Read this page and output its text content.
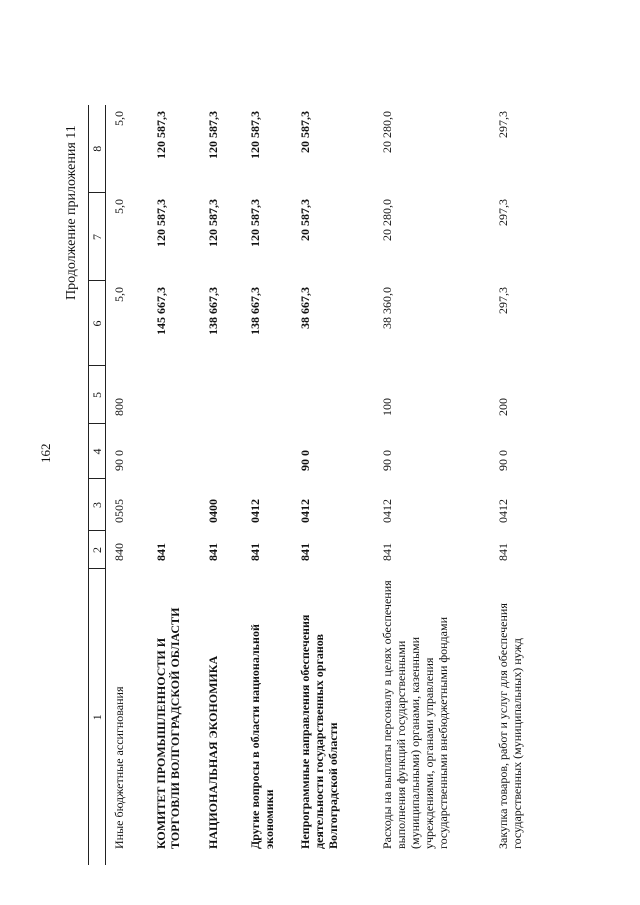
162
Продолжение приложения 11
1	2	3	4	5	6	7	8
Иные бюджетные ассигнования	840	0505	90 0	800	5,0	5,0	5,0
КОМИТЕТ ПРОМЫШЛЕННОСТИ И ТОРГОВЛИ ВОЛГОГРАДСКОЙ ОБЛАСТИ	841				145 667,3	120 587,3	120 587,3
НАЦИОНАЛЬНАЯ ЭКОНОМИКА	841	0400			138 667,3	120 587,3	120 587,3
Другие вопросы в области национальной экономики	841	0412			138 667,3	120 587,3	120 587,3
Непрограммные направления обеспечения деятельности государственных органов Волгоградской области	841	0412	90 0		38 667,3	20 587,3	20 587,3
Расходы на выплаты персоналу в целях обеспечения выполнения функций государственными (муниципальными) органами, казенными учреждениями, органами управления государственными внебюджетными фондами	841	0412	90 0	100	38 360,0	20 280,0	20 280,0
Закупка товаров, работ и услуг для обеспечения государственных (муниципальных) нужд	841	0412	90 0	200	297,3	297,3	297,3
